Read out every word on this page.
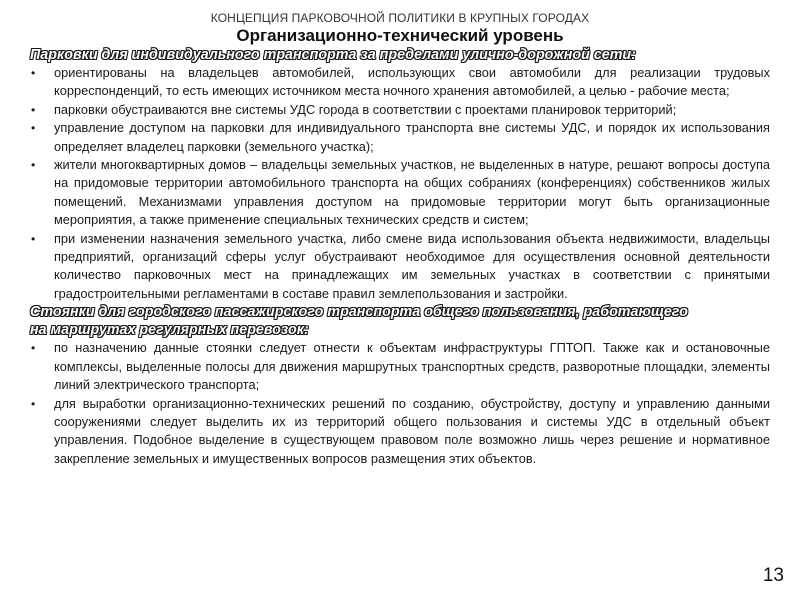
КОНЦЕПЦИЯ ПАРКОВОЧНОЙ ПОЛИТИКИ В КРУПНЫХ ГОРОДАХ
Организационно-технический уровень

Парковки для индивидуального транспорта за пределами улично-дорожной сети:

• ориентированы на владельцев автомобилей, использующих свои автомобили для реализации трудовых корреспонденций, то есть имеющих источником места ночного хранения автомобилей, а целью - рабочие места;
• парковки обустраиваются вне системы УДС города в соответствии с проектами планировок территорий;
• управление доступом на парковки для индивидуального транспорта вне системы УДС, и порядок их использования определяет владелец парковки (земельного участка);
• жители многоквартирных домов – владельцы земельных участков, не выделенных в натуре, решают вопросы доступа на придомовые территории автомобильного транспорта на общих собраниях (конференциях) собственников жилых помещений. Механизмами управления доступом на придомовые территории могут быть организационные мероприятия, а также применение специальных технических средств и систем;
• при изменении назначения земельного участка, либо смене вида использования объекта недвижимости, владельцы предприятий, организаций сферы услуг обустраивают необходимое для осуществления основной деятельности количество парковочных мест на принадлежащих им земельных участках в соответствии с принятыми градостроительными регламентами в составе правил землепользования и застройки.

Стоянки для городского пассажирского транспорта общего пользования, работающего

на маршрутах регулярных перевозок:

• по назначению данные стоянки следует отнести к объектам инфраструктуры ГПТОП. Также как и остановочные комплексы, выделенные полосы для движения маршрутных транспортных средств, разворотные площадки, элементы линий электрического транспорта;
• для выработки организационно-технических решений по созданию, обустройству, доступу и управлению данными сооружениями следует выделить их из территорий общего пользования и системы УДС в отдельный объект управления. Подобное выделение в существующем правовом поле возможно лишь через решение и нормативное закрепление земельных и имущественных вопросов размещения этих объектов.
13
